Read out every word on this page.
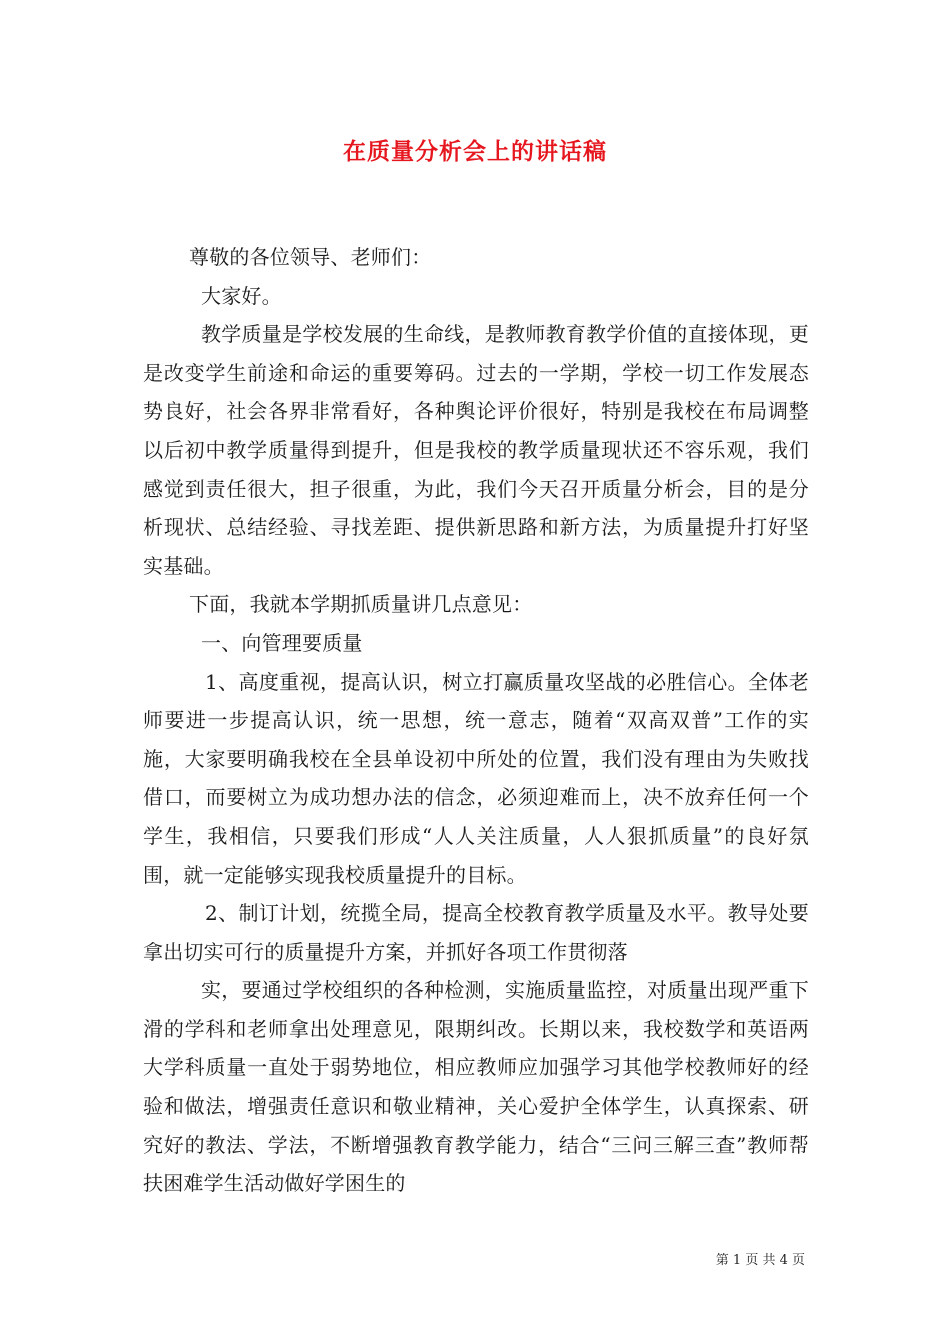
在质量分析会上的讲话稿

尊敬的各位领导、老师们：

大家好。

教学质量是学校发展的生命线，是教师教育教学价值的直接体现，更是改变学生前途和命运的重要筹码。过去的一学期，学校一切工作发展态势良好，社会各界非常看好，各种舆论评价很好，特别是我校在布局调整以后初中教学质量得到提升，但是我校的教学质量现状还不容乐观，我们感觉到责任很大，担子很重，为此，我们今天召开质量分析会，目的是分析现状、总结经验、寻找差距、提供新思路和新方法，为质量提升打好坚实基础。

下面，我就本学期抓质量讲几点意见：

一、向管理要质量

1、高度重视，提高认识，树立打赢质量攻坚战的必胜信心。全体老师要进一步提高认识，统一思想，统一意志，随着“双高双普”工作的实施，大家要明确我校在全县单设初中所处的位置，我们没有理由为失败找借口，而要树立为成功想办法的信念，必须迎难而上，决不放弃任何一个学生，我相信，只要我们形成“人人关注质量，人人狠抓质量”的良好氛围，就一定能够实现我校质量提升的目标。

2、制订计划，统揽全局，提高全校教育教学质量及水平。教导处要拿出切实可行的质量提升方案，并抓好各项工作贯彻落

实，要通过学校组织的各种检测，实施质量监控，对质量出现严重下滑的学科和老师拿出处理意见，限期纠改。长期以来，我校数学和英语两大学科质量一直处于弱势地位，相应教师应加强学习其他学校教师好的经验和做法，增强责任意识和敬业精神，关心爱护全体学生，认真探索、研究好的教法、学法，不断增强教育教学能力，结合“三问三解三查”教师帮扶困难学生活动做好学困生的

第 1 页 共 4 页
